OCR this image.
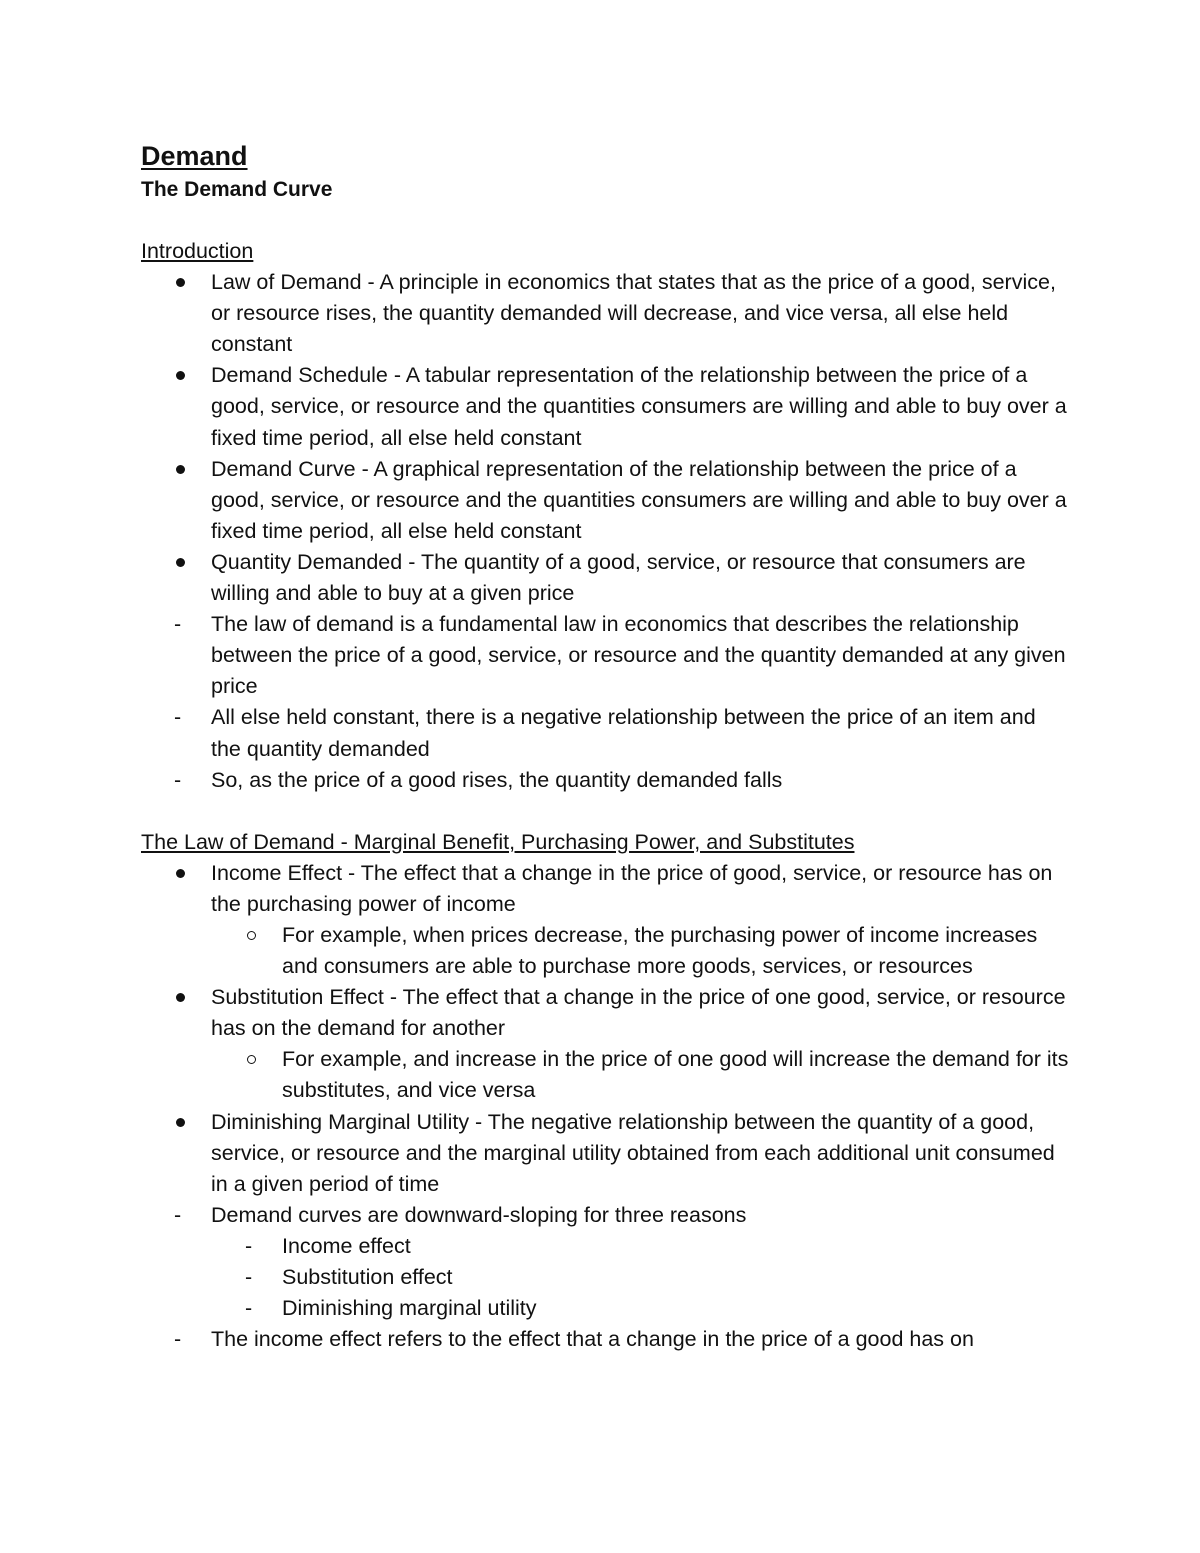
Demand
The Demand Curve
Introduction
Law of Demand - A principle in economics that states that as the price of a good, service, or resource rises, the quantity demanded will decrease, and vice versa, all else held constant
Demand Schedule - A tabular representation of the relationship between the price of a good, service, or resource and the quantities consumers are willing and able to buy over a fixed time period, all else held constant
Demand Curve - A graphical representation of the relationship between the price of a good, service, or resource and the quantities consumers are willing and able to buy over a fixed time period, all else held constant
Quantity Demanded - The quantity of a good, service, or resource that consumers are willing and able to buy at a given price
-	The law of demand is a fundamental law in economics that describes the relationship between the price of a good, service, or resource and the quantity demanded at any given price
-	All else held constant, there is a negative relationship between the price of an item and the quantity demanded
-	So, as the price of a good rises, the quantity demanded falls
The Law of Demand - Marginal Benefit, Purchasing Power, and Substitutes
Income Effect - The effect that a change in the price of good, service, or resource has on the purchasing power of income
For example, when prices decrease, the purchasing power of income increases and consumers are able to purchase more goods, services, or resources
Substitution Effect - The effect that a change in the price of one good, service, or resource has on the demand for another
For example, and increase in the price of one good will increase the demand for its substitutes, and vice versa
Diminishing Marginal Utility - The negative relationship between the quantity of a good, service, or resource and the marginal utility obtained from each additional unit consumed in a given period of time
-	Demand curves are downward-sloping for three reasons
-	Income effect
-	Substitution effect
-	Diminishing marginal utility
-	The income effect refers to the effect that a change in the price of a good has on
